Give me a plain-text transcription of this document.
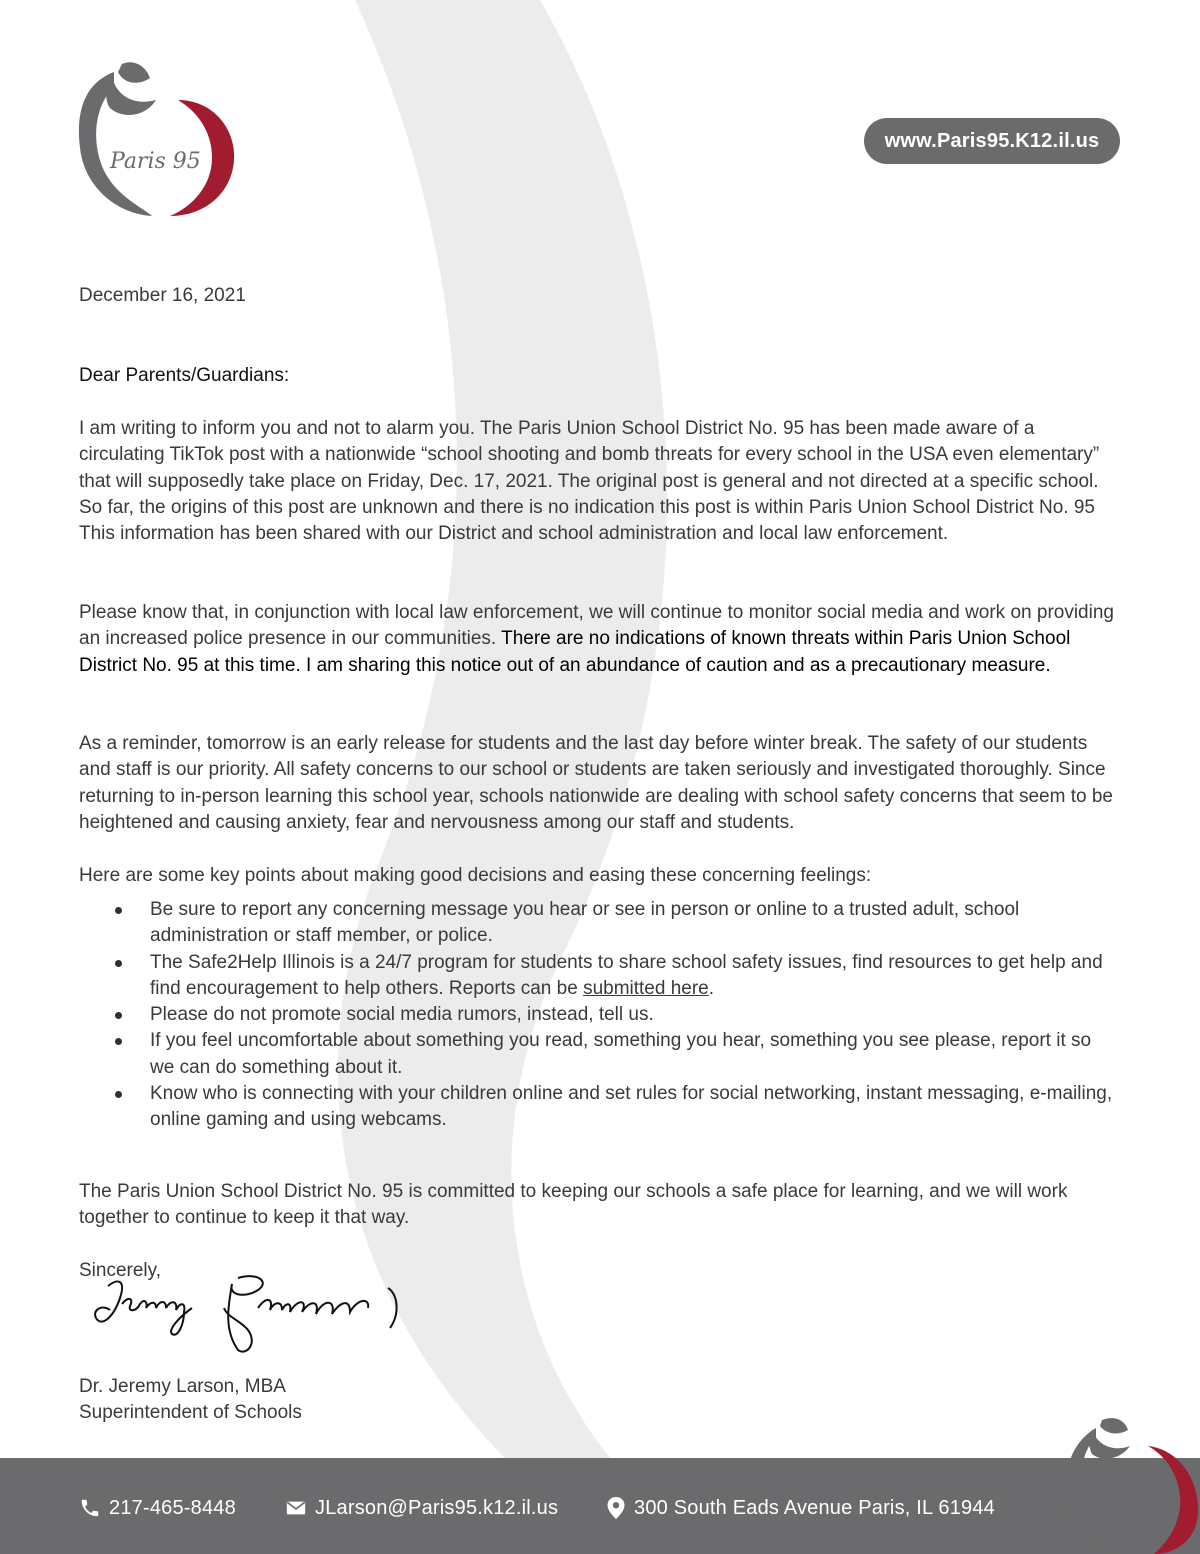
Paris 95
www.Paris95.K12.il.us

December 16, 2021

Dear Parents/Guardians:

I am writing to inform you and not to alarm you. The Paris Union School District No. 95 has been made aware of a circulating TikTok post with a nationwide “school shooting and bomb threats for every school in the USA even elementary” that will supposedly take place on Friday, Dec. 17, 2021. The original post is general and not directed at a specific school. So far, the origins of this post are unknown and there is no indication this post is within Paris Union School District No. 95 This information has been shared with our District and school administration and local law enforcement.

Please know that, in conjunction with local law enforcement, we will continue to monitor social media and work on providing an increased police presence in our communities. There are no indications of known threats within Paris Union School District No. 95 at this time. I am sharing this notice out of an abundance of caution and as a precautionary measure.

As a reminder, tomorrow is an early release for students and the last day before winter break. The safety of our students and staff is our priority. All safety concerns to our school or students are taken seriously and investigated thoroughly. Since returning to in-person learning this school year, schools nationwide are dealing with school safety concerns that seem to be heightened and causing anxiety, fear and nervousness among our staff and students.

Here are some key points about making good decisions and easing these concerning feelings:

Be sure to report any concerning message you hear or see in person or online to a trusted adult, school administration or staff member, or police.
The Safe2Help Illinois is a 24/7 program for students to share school safety issues, find resources to get help and find encouragement to help others. Reports can be submitted here.
Please do not promote social media rumors, instead, tell us.
If you feel uncomfortable about something you read, something you hear, something you see please, report it so we can do something about it.
Know who is connecting with your children online and set rules for social networking, instant messaging, e-mailing, online gaming and using webcams.

The Paris Union School District No. 95 is committed to keeping our schools a safe place for learning, and we will work together to continue to keep it that way.

Sincerely,

Dr. Jeremy Larson, MBA
Superintendent of Schools

217-465-8448	JLarson@Paris95.k12.il.us	300 South Eads Avenue Paris, IL 61944
